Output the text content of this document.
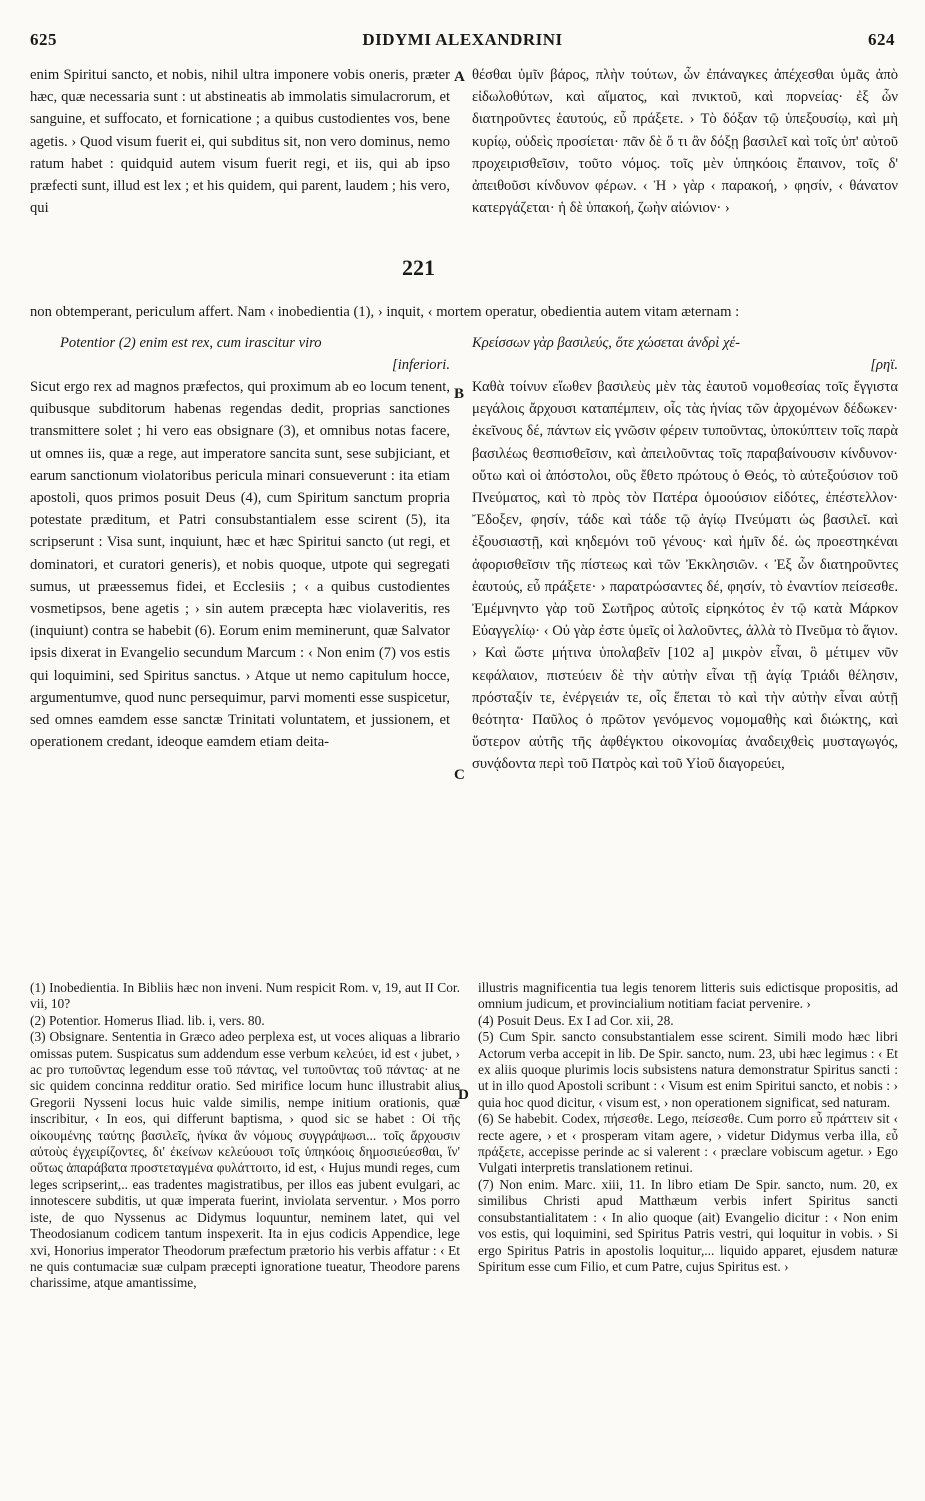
625	DIDYMI ALEXANDRINI	624

enim Spiritui sancto, et nobis, nihil ultra imponere vobis oneris, præter hæc, quæ necessaria sunt : ut abstineatis ab immolatis simulacrorum, et sanguine, et suffocato, et fornicatione ; a quibus custodientes vos, bene agetis. › Quod visum fuerit ei, qui subditus sit, non vero dominus, nemo ratum habet : quidquid autem visum fuerit regi, et iis, qui ab ipso præfecti sunt, illud est lex ; et his quidem, qui parent, laudem ; his vero, qui

A θέσθαι ὑμῖν βάρος, πλὴν τούτων, ὧν ἐπάναγκες ἀπέχεσθαι ὑμᾶς ἀπὸ εἰδωλοθύτων, καὶ αἵματος, καὶ πνικτοῦ, καὶ πορνείας· ἐξ ὧν διατηροῦντες ἑαυτούς, εὖ πράξετε. › Τὸ δόξαν τῷ ὑπεξουσίῳ, καὶ μὴ κυρίῳ, οὐδεὶς προσίεται· πᾶν δὲ ὅ τι ἂν δόξῃ βασιλεῖ καὶ τοῖς ὑπ' αὐτοῦ προχειρισθεῖσιν, τοῦτο νόμος. τοῖς μὲν ὑπηκόοις ἔπαινον, τοῖς δ' ἀπειθοῦσι κίνδυνον φέρων. ‹ Ἡ › γὰρ ‹ παρακοή, › φησίν, ‹ θάνατον κατεργάζεται· ἡ δὲ ὑπακοή, ζωὴν αἰώνιον· ›

221

non obtemperant, periculum affert. Nam ‹ inobedientia (1), › inquit, ‹ mortem operatur, obedientia autem vitam æternam :

Potentior (2) enim est rex, cum irascitur viro

[inferiori.

Κρείσσων γὰρ βασιλεύς, ὅτε χώσεται ἀνδρὶ χέ-

[ρηϊ.

Sicut ergo rex ad magnos præfectos, qui proximum ab eo locum tenent, quibusque subditorum habenas regendas dedit, proprias sanctiones transmittere solet ; hi vero eas obsignare (3), et omnibus notas facere, ut omnes iis, quæ a rege, aut imperatore sancita sunt, sese subjiciant, et earum sanctionum violatoribus pericula minari consueverunt : ita etiam apostoli, quos primos posuit Deus (4), cum Spiritum sanctum propria potestate præditum, et Patri consubstantialem esse scirent (5), ita scripserunt : Visa sunt, inquiunt, hæc et hæc Spiritui sancto (ut regi, et dominatori, et curatori generis), et nobis quoque, utpote qui segregati sumus, ut præessemus fidei, et Ecclesiis ; ‹ a quibus custodientes vosmetipsos, bene agetis ; › sin autem præcepta hæc violaveritis, res (inquiunt) contra se habebit (6). Eorum enim meminerunt, quæ Salvator ipsis dixerat in Evangelio secundum Marcum : ‹ Non enim (7) vos estis qui loquimini, sed Spiritus sanctus. › Atque ut nemo capitulum hocce, argumentumve, quod nunc persequimur, parvi momenti esse suspicetur, sed omnes eamdem esse sanctæ Trinitati voluntatem, et jussionem, et operationem credant, ideoque eamdem etiam deita-

B
C

Καθὰ τοίνυν εἴωθεν βασιλεὺς μὲν τὰς ἑαυτοῦ νομοθεσίας τοῖς ἔγγιστα μεγάλοις ἄρχουσι καταπέμπειν, οἷς τὰς ἡνίας τῶν ἀρχομένων δέδωκεν· ἐκεῖνους δέ, πάντων εἰς γνῶσιν φέρειν τυποῦντας, ὑποκύπτειν τοῖς παρὰ βασιλέως θεσπισθεῖσιν, καὶ ἀπειλοῦντας τοῖς παραβαίνουσιν κίνδυνον· οὕτω καὶ οἱ ἀπόστολοι, οὓς ἔθετο πρώτους ὁ Θεός, τὸ αὐτεξούσιον τοῦ Πνεύματος, καὶ τὸ πρὸς τὸν Πατέρα ὁμοούσιον εἰδότες, ἐπέστελλον· Ἔδοξεν, φησίν, τάδε καὶ τάδε τῷ ἁγίῳ Πνεύματι ὡς βασιλεῖ. καὶ ἐξουσιαστῇ, καὶ κηδεμόνι τοῦ γένους· καὶ ἡμῖν δέ. ὡς προεστηκέναι ἀφορισθεῖσιν τῆς πίστεως καὶ τῶν Ἐκκλησιῶν. ‹ Ἐξ ὧν διατηροῦντες ἑαυτούς, εὖ πράξετε· › παρατρώσαντες δέ, φησίν, τὸ ἐναντίον πείσεσθε. Ἐμέμνηντο γὰρ τοῦ Σωτῆρος αὐτοῖς εἰρηκότος ἐν τῷ κατὰ Μάρκον Εὐαγγελίῳ· ‹ Οὐ γὰρ ἐστε ὑμεῖς οἱ λαλοῦντες, ἀλλὰ τὸ Πνεῦμα τὸ ἅγιον. › Καὶ ὥστε μήτινα ὑπολαβεῖν [102 a] μικρὸν εἶναι, ὃ μέτιμεν νῦν κεφάλαιον, πιστεύειν δὲ τὴν αὐτὴν εἶναι τῇ ἁγίᾳ Τριάδι θέλησιν, πρόσταξίν τε, ἐνέργειάν τε, οἷς ἕπεται τὸ καὶ τὴν αὐτὴν εἶναι αὐτῇ θεότητα· Παῦλος ὁ πρῶτον γενόμενος νομομαθὴς καὶ διώκτης, καὶ ὕστερον αὐτῆς τῆς ἀφθέγκτου οἰκονομίας ἀναδειχθεὶς μυσταγωγός, συνᾴδοντα περὶ τοῦ Πατρὸς καὶ τοῦ Υἱοῦ διαγορεύει,

(1) Inobedientia. In Bibliis hæc non inveni. Num respicit Rom. v, 19, aut II Cor. vii, 10?

(2) Potentior. Homerus Iliad. lib. i, vers. 80.

(3) Obsignare. Sententia in Græco adeo perplexa est, ut voces aliquas a librario omissas putem. Suspicatus sum addendum esse verbum κελεύει, id est ‹ jubet, › ac pro τυποῦντας legendum esse τοῦ πάντας, vel τυποῦντας τοῦ πάντας· at ne sic quidem concinna redditur oratio. Sed mirifice locum hunc illustrabit alius Gregorii Nysseni locus huic valde similis, nempe initium orationis, quæ inscribitur, ‹ In eos, qui differunt baptisma, › quod sic se habet : Οἱ τῆς οἰκουμένης ταύτης βασιλεῖς, ἡνίκα ἂν νόμους συγγράψωσι... τοῖς ἄρχουσιν αὐτοὺς ἐγχειρίζοντες, δι' ἐκείνων κελεύουσι τοῖς ὑπηκόοις δημοσιεύεσθαι, ἵν' οὕτως ἀπαράβατα προστεταγμένα φυλάττοιτο, id est, ‹ Hujus mundi reges, cum leges scripserint,.. eas tradentes magistratibus, per illos eas jubent evulgari, ac innotescere subditis, ut quæ imperata fuerint, inviolata serventur. › Mos porro iste, de quo Nyssenus ac Didymus loquuntur, neminem latet, qui vel Theodosianum codicem tantum inspexerit. Ita in ejus codicis Appendice, lege xvi, Honorius imperator Theodorum præfectum prætorio his verbis affatur : ‹ Et ne quis contumaciæ suæ culpam præcepti ignoratione tueatur, Theodore parens charissime, atque amantissime,

D

illustris magnificentia tua legis tenorem litteris suis edictisque propositis, ad omnium judicum, et provincialium notitiam faciat pervenire. ›

(4) Posuit Deus. Ex I ad Cor. xii, 28.

(5) Cum Spir. sancto consubstantialem esse scirent. Simili modo hæc libri Actorum verba accepit in lib. De Spir. sancto, num. 23, ubi hæc legimus : ‹ Et ex aliis quoque plurimis locis subsistens natura demonstratur Spiritus sancti : ut in illo quod Apostoli scribunt : ‹ Visum est enim Spiritui sancto, et nobis : › quia hoc quod dicitur, ‹ visum est, › non operationem significat, sed naturam.

(6) Se habebit. Codex, πήσεσθε. Lego, πείσεσθε. Cum porro εὖ πράττειν sit ‹ recte agere, › et ‹ prosperam vitam agere, › videtur Didymus verba illa, εὖ πράξετε, accepisse perinde ac si valerent : ‹ præclare vobiscum agetur. › Ego Vulgati interpretis translationem retinui.

(7) Non enim. Marc. xiii, 11. In libro etiam De Spir. sancto, num. 20, ex similibus Christi apud Matthæum verbis infert Spiritus sancti consubstantialitatem : ‹ In alio quoque (ait) Evangelio dicitur : ‹ Non enim vos estis, qui loquimini, sed Spiritus Patris vestri, qui loquitur in vobis. › Si ergo Spiritus Patris in apostolis loquitur,... liquido apparet, ejusdem naturæ Spiritum esse cum Filio, et cum Patre, cujus Spiritus est. ›
